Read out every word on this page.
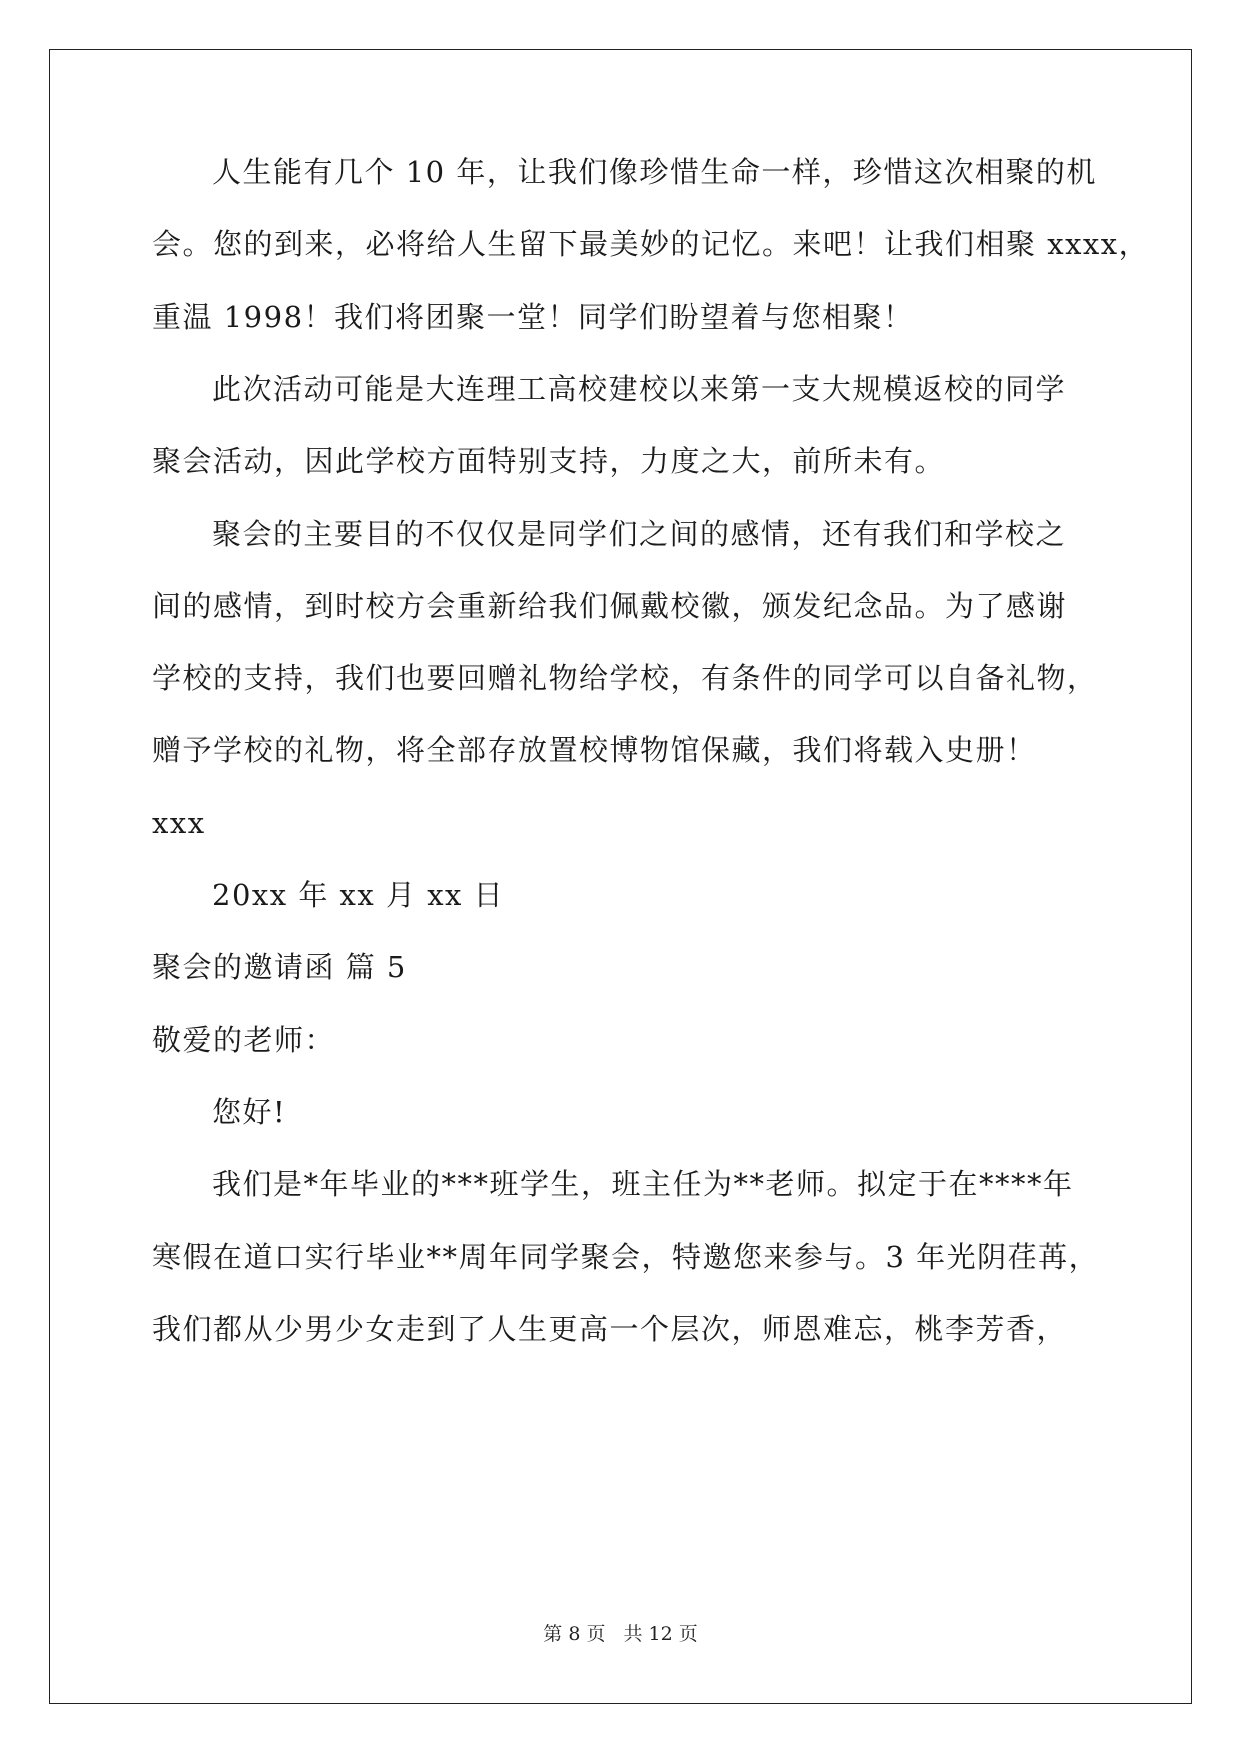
人生能有几个 10 年，让我们像珍惜生命一样，珍惜这次相聚的机
会。您的到来，必将给人生留下最美妙的记忆。来吧！让我们相聚 xxxx，
重温 1998！我们将团聚一堂！同学们盼望着与您相聚！
此次活动可能是大连理工高校建校以来第一支大规模返校的同学
聚会活动，因此学校方面特别支持，力度之大，前所未有。
聚会的主要目的不仅仅是同学们之间的感情，还有我们和学校之
间的感情，到时校方会重新给我们佩戴校徽，颁发纪念品。为了感谢
学校的支持，我们也要回赠礼物给学校，有条件的同学可以自备礼物，
赠予学校的礼物，将全部存放置校博物馆保藏，我们将载入史册！
xxx
20xx 年 xx 月 xx 日
聚会的邀请函 篇 5
敬爱的老师：
您好!
我们是*年毕业的***班学生，班主任为**老师。拟定于在****年
寒假在道口实行毕业**周年同学聚会，特邀您来参与。3 年光阴荏苒，
我们都从少男少女走到了人生更高一个层次，师恩难忘，桃李芳香，
第 8 页 共 12 页
